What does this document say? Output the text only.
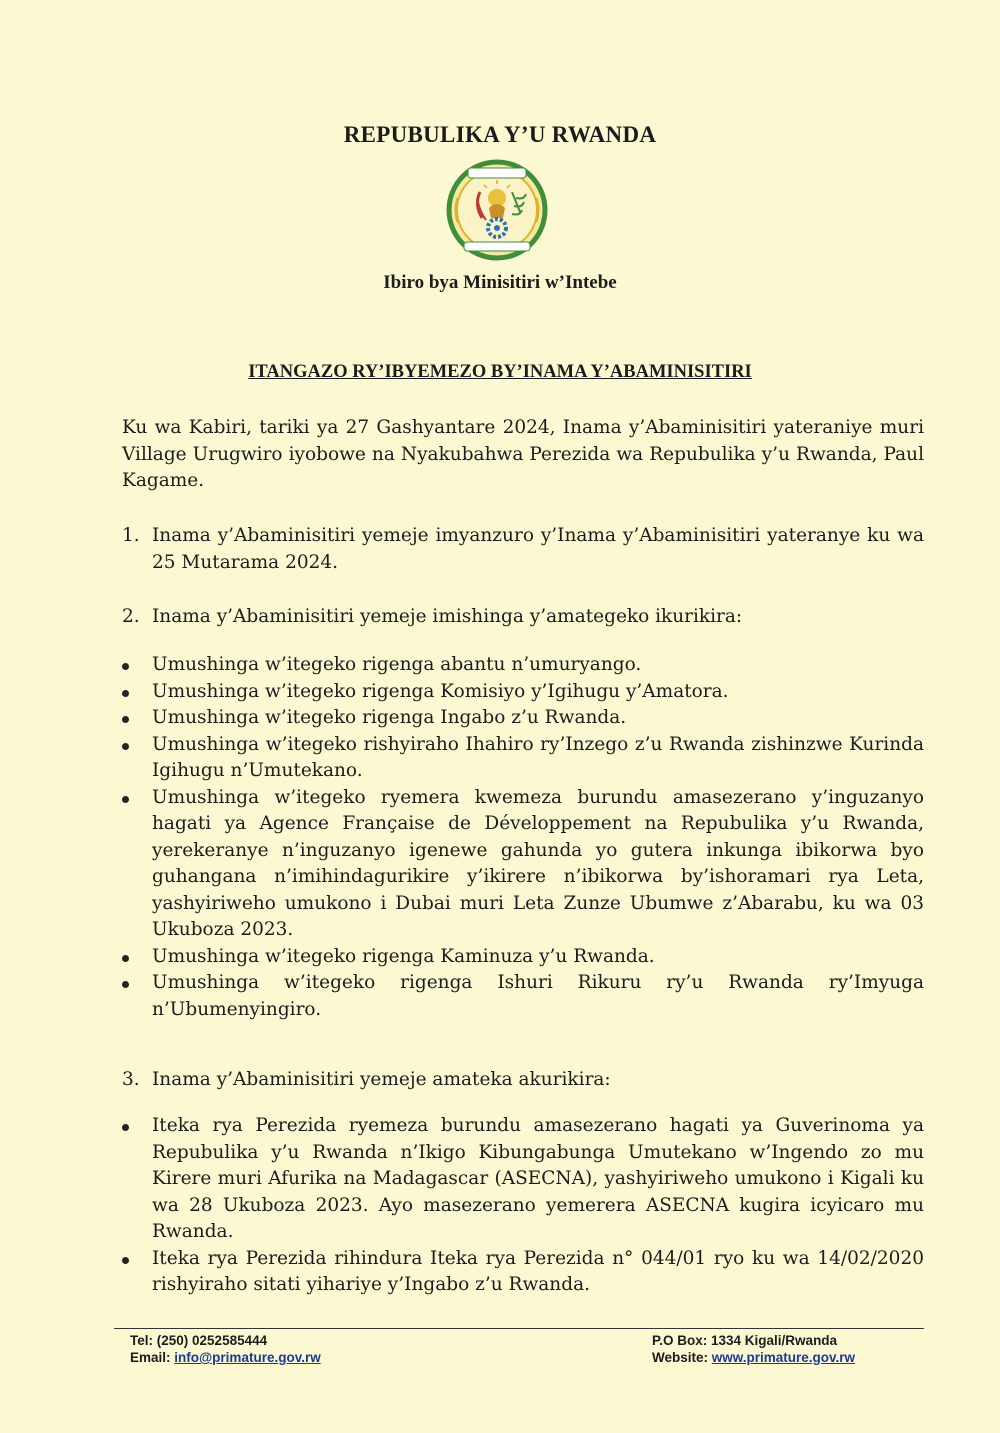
REPUBULIKA Y’U RWANDA
Ibiro bya Minisitiri w’Intebe
ITANGAZO RY’IBYEMEZO BY’INAMA Y’ABAMINISITIRI

Ku wa Kabiri, tariki ya 27 Gashyantare 2024, Inama y’Abaminisitiri yateraniye muri Village Urugwiro iyobowe na Nyakubahwa Perezida wa Repubulika y’u Rwanda, Paul Kagame.

1. Inama y’Abaminisitiri yemeje imyanzuro y’Inama y’Abaminisitiri yateranye ku wa 25 Mutarama 2024.
2. Inama y’Abaminisitiri yemeje imishinga y’amategeko ikurikira:
Umushinga w’itegeko rigenga abantu n’umuryango.
Umushinga w’itegeko rigenga Komisiyo y’Igihugu y’Amatora.
Umushinga w’itegeko rigenga Ingabo z’u Rwanda.
Umushinga w’itegeko rishyiraho Ihahiro ry’Inzego z’u Rwanda zishinzwe Kurinda Igihugu n’Umutekano.
Umushinga w’itegeko ryemera kwemeza burundu amasezerano y’inguzanyo hagati ya Agence Française de Développement na Repubulika y’u Rwanda, yerekeranye n’inguzanyo igenewe gahunda yo gutera inkunga ibikorwa byo guhangana n’imihindagurikire y’ikirere n’ibikorwa by’ishoramari rya Leta, yashyiriweho umukono i Dubai muri Leta Zunze Ubumwe z’Abarabu, ku wa 03 Ukuboza 2023.
Umushinga w’itegeko rigenga Kaminuza y’u Rwanda.
Umushinga w’itegeko rigenga Ishuri Rikuru ry’u Rwanda ry’Imyuga n’Ubumenyingiro.
3. Inama y’Abaminisitiri yemeje amateka akurikira:
Iteka rya Perezida ryemeza burundu amasezerano hagati ya Guverinoma ya Repubulika y’u Rwanda n’Ikigo Kibungabunga Umutekano w’Ingendo zo mu Kirere muri Afurika na Madagascar (ASECNA), yashyiriweho umukono i Kigali ku wa 28 Ukuboza 2023. Ayo masezerano yemerera ASECNA kugira icyicaro mu Rwanda.
Iteka rya Perezida rihindura Iteka rya Perezida n° 044/01 ryo ku wa 14/02/2020 rishyiraho sitati yihariye y’Ingabo z’u Rwanda.
Tel: (250) 0252585444
Email: info@primature.gov.rw
P.O Box: 1334 Kigali/Rwanda
Website: www.primature.gov.rw
